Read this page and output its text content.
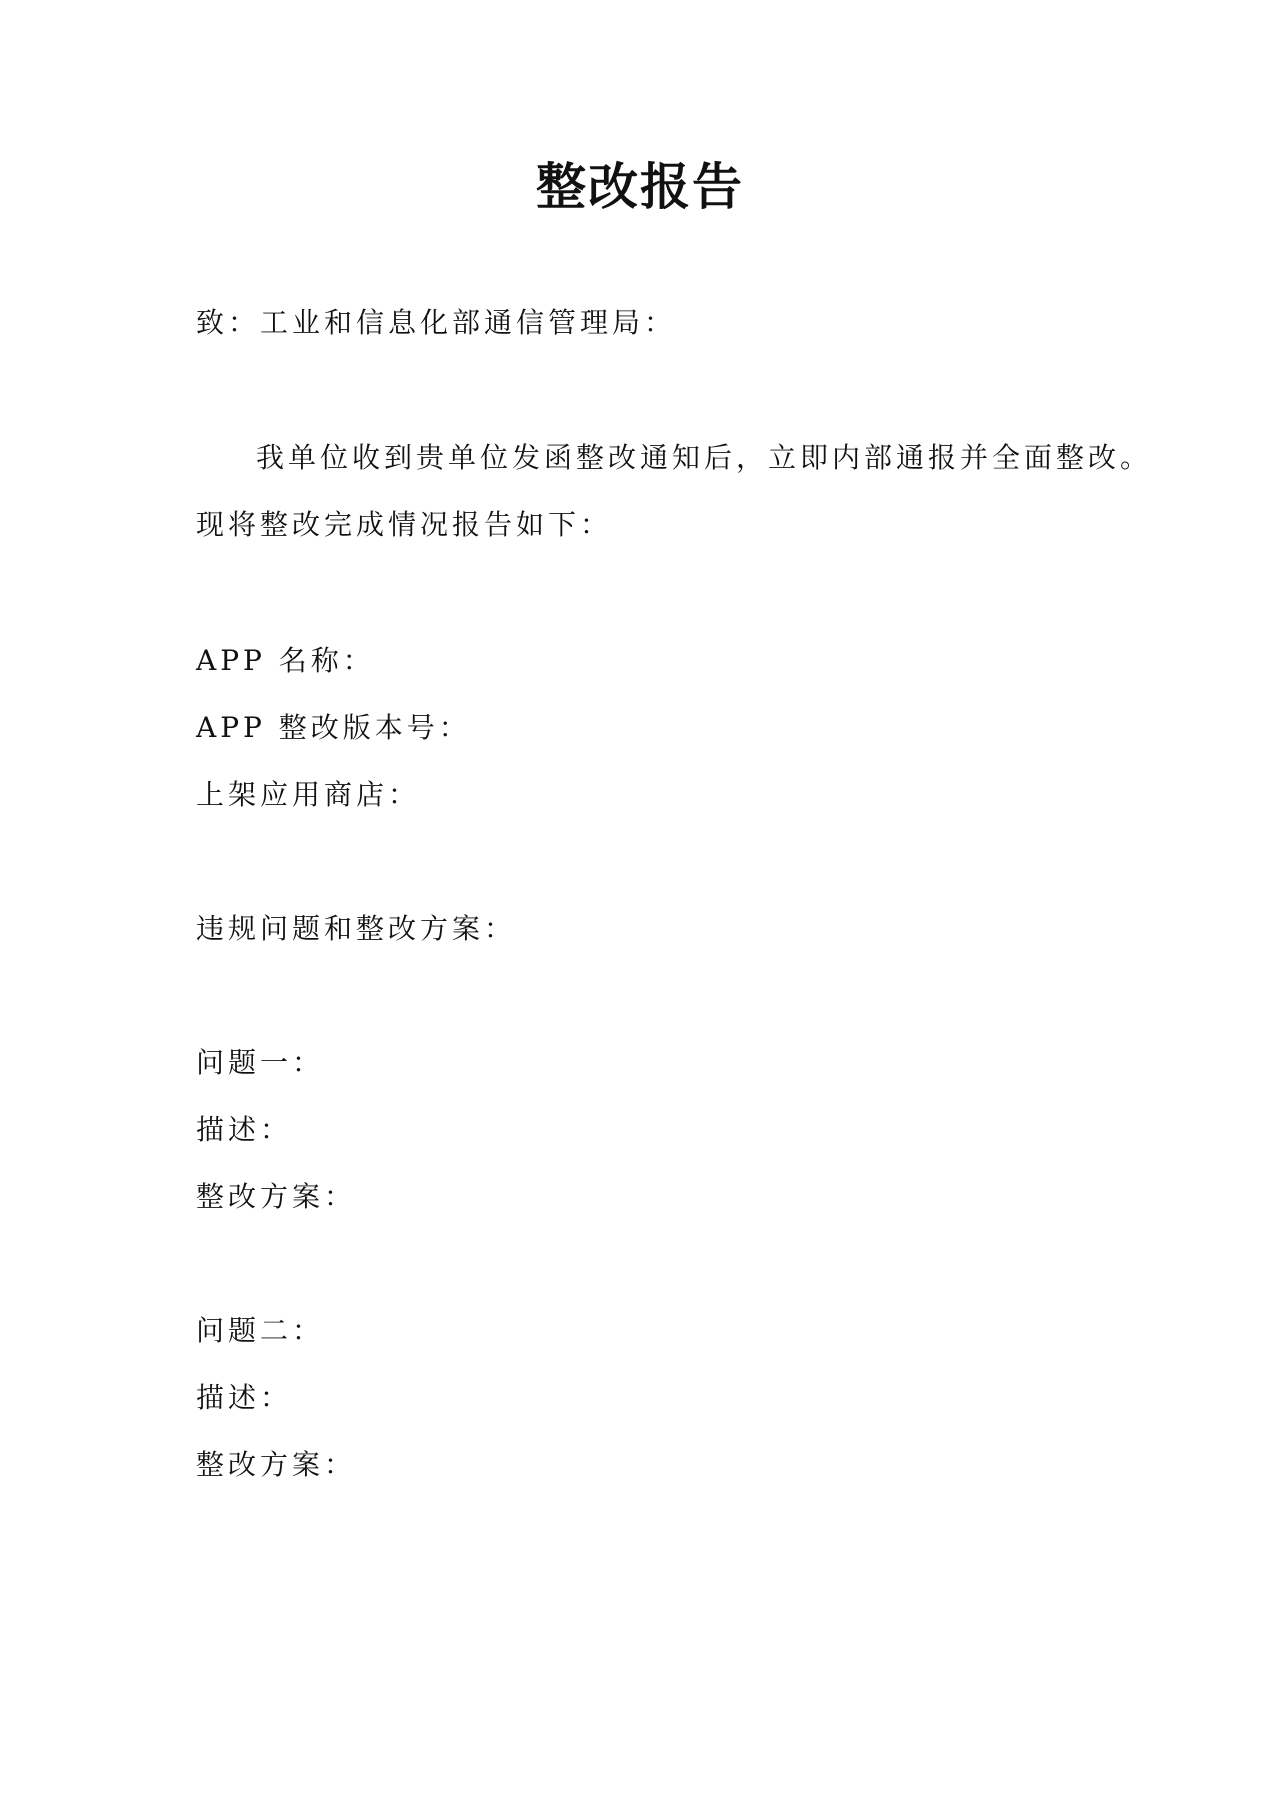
整改报告
致：工业和信息化部通信管理局：
我单位收到贵单位发函整改通知后，立即内部通报并全面整改。
现将整改完成情况报告如下：
APP 名称：
APP 整改版本号：
上架应用商店：
违规问题和整改方案：
问题一：
描述：
整改方案：
问题二：
描述：
整改方案：
